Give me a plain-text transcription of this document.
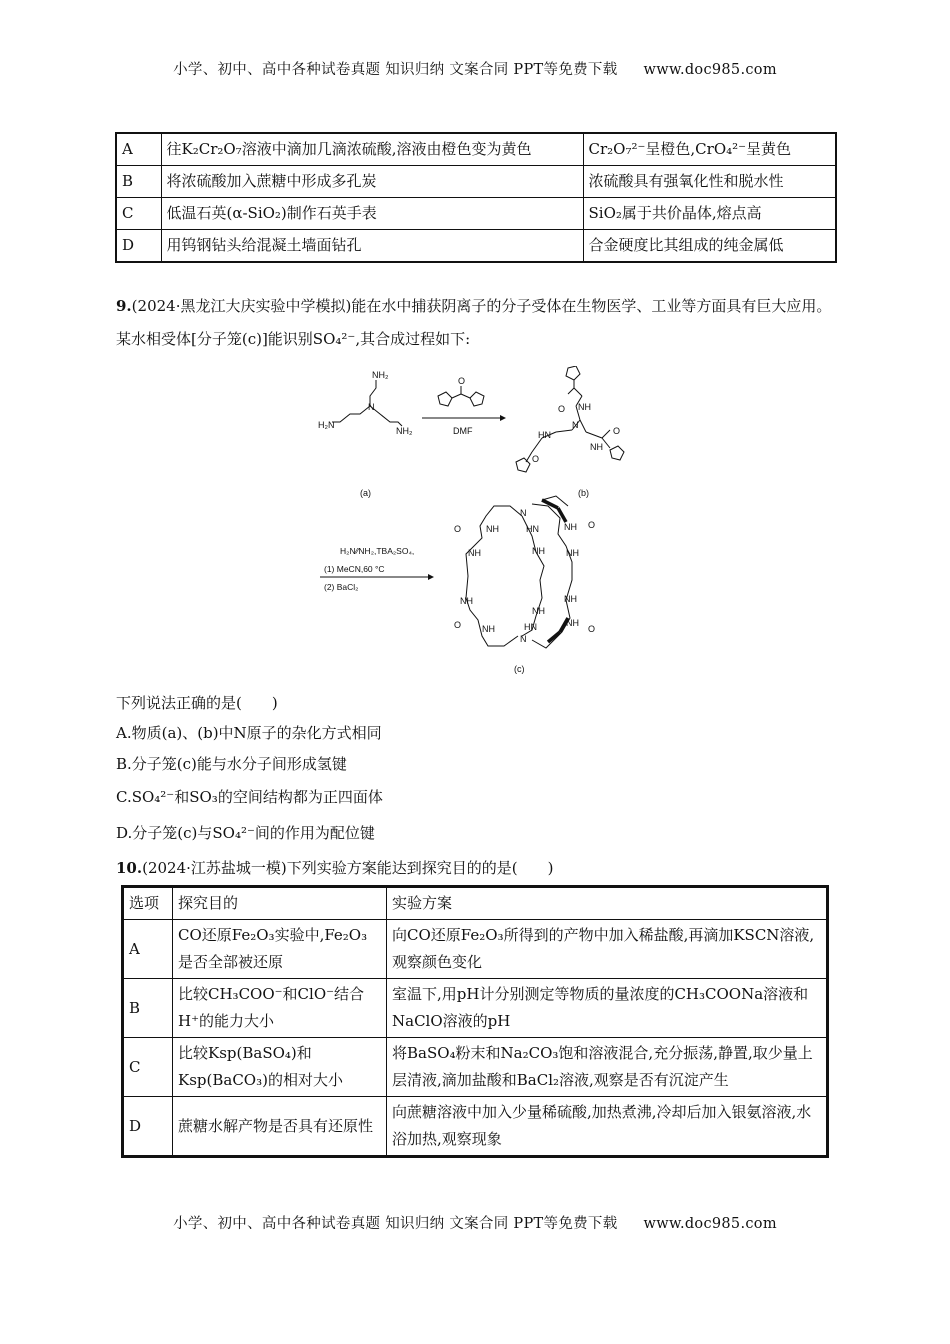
小学、初中、高中各种试卷真题 知识归纳 文案合同 PPT等免费下载 www.doc985.com
A	往K₂Cr₂O₇溶液中滴加几滴浓硫酸,溶液由橙色变为黄色	Cr₂O₇²⁻呈橙色,CrO₄²⁻呈黄色
B	将浓硫酸加入蔗糖中形成多孔炭	浓硫酸具有强氧化性和脱水性
C	低温石英(α-SiO₂)制作石英手表	SiO₂属于共价晶体,熔点高
D	用钨钢钻头给混凝土墙面钻孔	合金硬度比其组成的纯金属低
9.(2024·黑龙江大庆实验中学模拟)能在水中捕获阴离子的分子受体在生物医学、工业等方面具有巨大应用。某水相受体[分子笼(c)]能识别SO₄²⁻,其合成过程如下:
N
NH₂
H₂N
NH₂
(a)
O
DMF
NH
O
N
HN
O
NH
O
(b)
H₂N⁄⁄NH₂,TBA₂SO₄,
(1) MeCN,60 °C
(2) BaCl₂
N
N
NH
O
NH
NH
O NH
HN
NH
NH
HN
NH O
NH
NH
O
NH
(c)
下列说法正确的是(　　)
A.物质(a)、(b)中N原子的杂化方式相同
B.分子笼(c)能与水分子间形成氢键
C.SO₄²⁻和SO₃的空间结构都为正四面体
D.分子笼(c)与SO₄²⁻间的作用为配位键
10.(2024·江苏盐城一模)下列实验方案能达到探究目的的是(　　)
选项	探究目的	实验方案
A	CO还原Fe₂O₃实验中,Fe₂O₃是否全部被还原	向CO还原Fe₂O₃所得到的产物中加入稀盐酸,再滴加KSCN溶液,观察颜色变化
B	比较CH₃COO⁻和ClO⁻结合H⁺的能力大小	室温下,用pH计分别测定等物质的量浓度的CH₃COONa溶液和NaClO溶液的pH
C	比较Ksp(BaSO₄)和Ksp(BaCO₃)的相对大小	将BaSO₄粉末和Na₂CO₃饱和溶液混合,充分振荡,静置,取少量上层清液,滴加盐酸和BaCl₂溶液,观察是否有沉淀产生
D	蔗糖水解产物是否具有还原性	向蔗糖溶液中加入少量稀硫酸,加热煮沸,冷却后加入银氨溶液,水浴加热,观察现象
小学、初中、高中各种试卷真题 知识归纳 文案合同 PPT等免费下载 www.doc985.com
